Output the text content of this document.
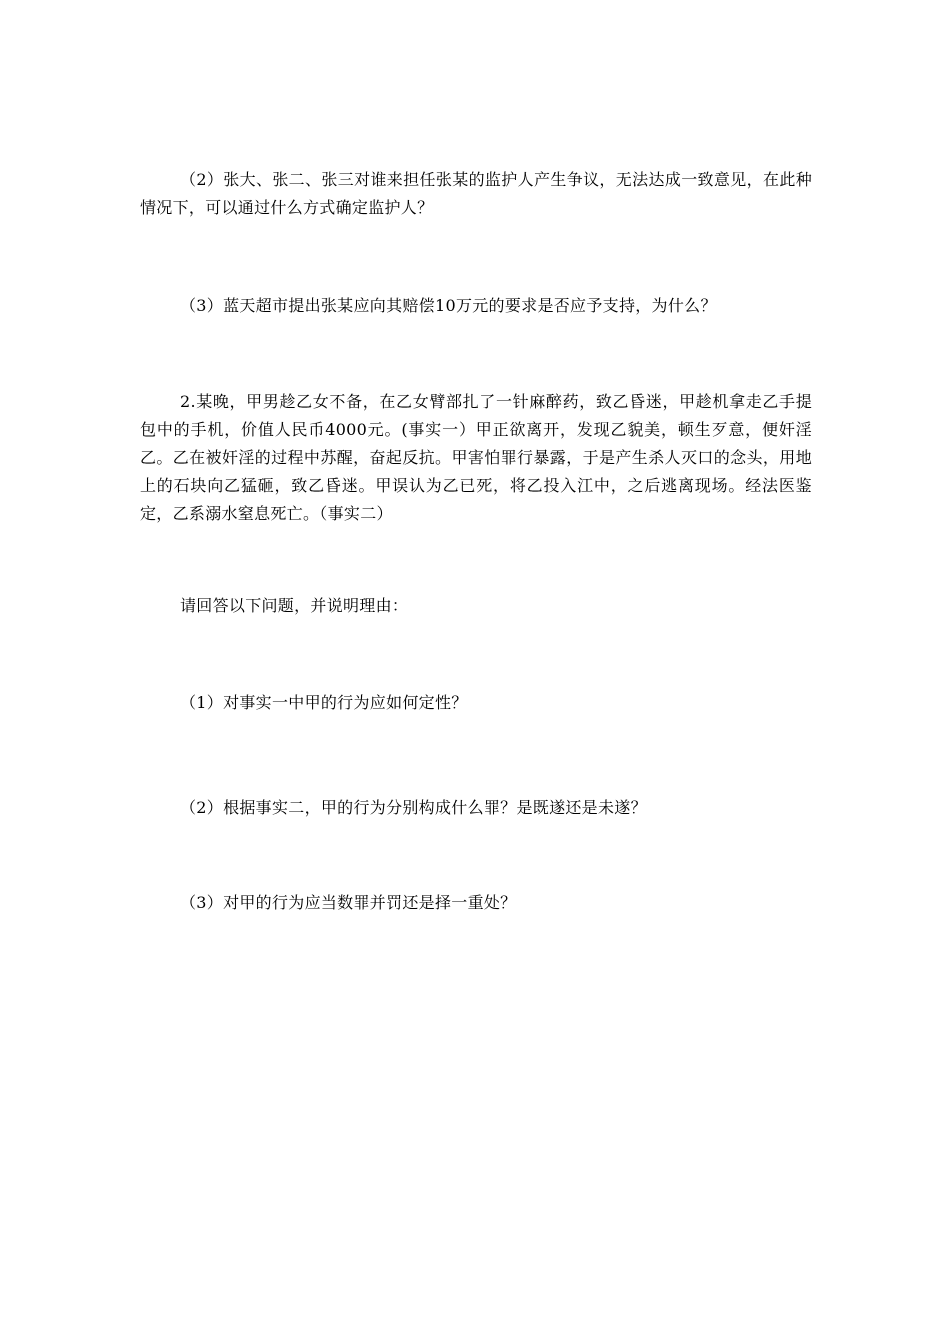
（2）张大、张二、张三对谁来担任张某的监护人产生争议，无法达成一致意见，在此种情况下，可以通过什么方式确定监护人？

（3）蓝天超市提出张某应向其赔偿10万元的要求是否应予支持，为什么？

2.某晚，甲男趁乙女不备，在乙女臂部扎了一针麻醉药，致乙昏迷，甲趁机拿走乙手提包中的手机，价值人民币4000元。(事实一）甲正欲离开，发现乙貌美，顿生歹意，便奸淫乙。乙在被奸淫的过程中苏醒，奋起反抗。甲害怕罪行暴露，于是产生杀人灭口的念头，用地上的石块向乙猛砸，致乙昏迷。甲误认为乙已死，将乙投入江中，之后逃离现场。经法医鉴定，乙系溺水窒息死亡。（事实二）

请回答以下问题，并说明理由：

（1）对事实一中甲的行为应如何定性？

（2）根据事实二，甲的行为分别构成什么罪？是既遂还是未遂？

（3）对甲的行为应当数罪并罚还是择一重处？
